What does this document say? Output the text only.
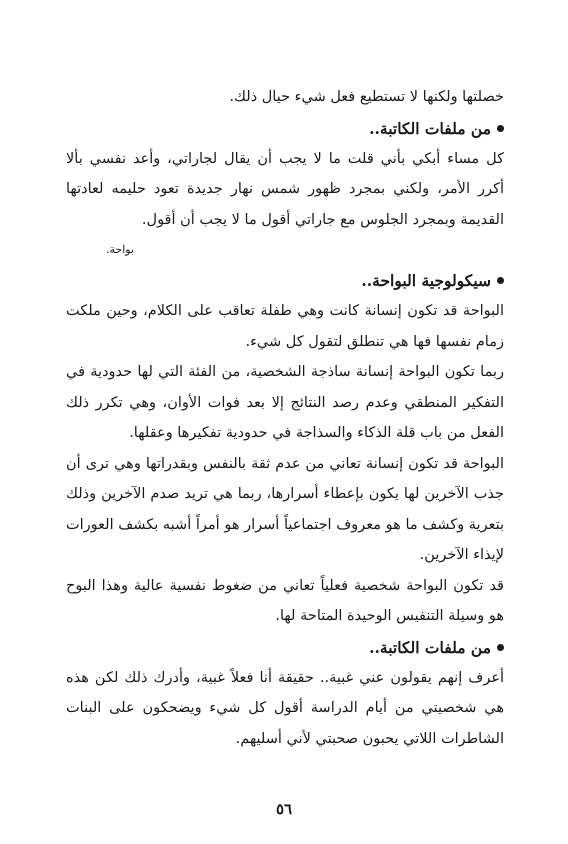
خصلتها ولكنها لا تستطيع فعل شيء حيال ذلك.

من ملفات الكاتبة..

كل مساء أبكي بأني قلت ما لا يجب أن يقال لجاراتي، وأعد نفسي بألا أكرر الأمر، ولكني بمجرد ظهور شمس نهار جديدة تعود حليمه لعادتها القديمة وبمجرد الجلوس مع جاراتي أقول ما لا يجب أن أقول.

بواحة.

سيكولوجية البواحة..

البواحة قد تكون إنسانة كانت وهي طفلة تعاقب على الكلام، وحين ملكت زمام نفسها فها هي تنطلق لتقول كل شيء.

ربما تكون البواحة إنسانة ساذجة الشخصية، من الفئة التي لها حدودية في التفكير المنطقي وعدم رصد النتائج إلا بعد فوات الأوان، وهي تكرر ذلك الفعل من باب قلة الذكاء والسذاجة في حدودية تفكيرها وعقلها.

البواحة قد تكون إنسانة تعاني من عدم ثقة بالنفس وبقدراتها وهي ترى أن جذب الآخرين لها يكون بإعطاء أسرارها، ربما هي تريد صدم الآخرين وذلك بتعرية وكشف ما هو معروف اجتماعياً أسرار هو أمراً أشبه بكشف العورات لإيذاء الآخرين.

قد تكون البواحة شخصية فعلياً تعاني من ضغوط نفسية عالية وهذا البوح هو وسيلة التنفيس الوحيدة المتاحة لها.

من ملفات الكاتبة..

أعرف إنهم يقولون عني غبية.. حقيقة أنا فعلاً غبية، وأدرك ذلك لكن هذه هي شخصيتي من أيام الدراسة أقول كل شيء ويضحكون على البنات الشاطرات اللاتي يحبون صحبتي لأني أسليهم.

٥٦
